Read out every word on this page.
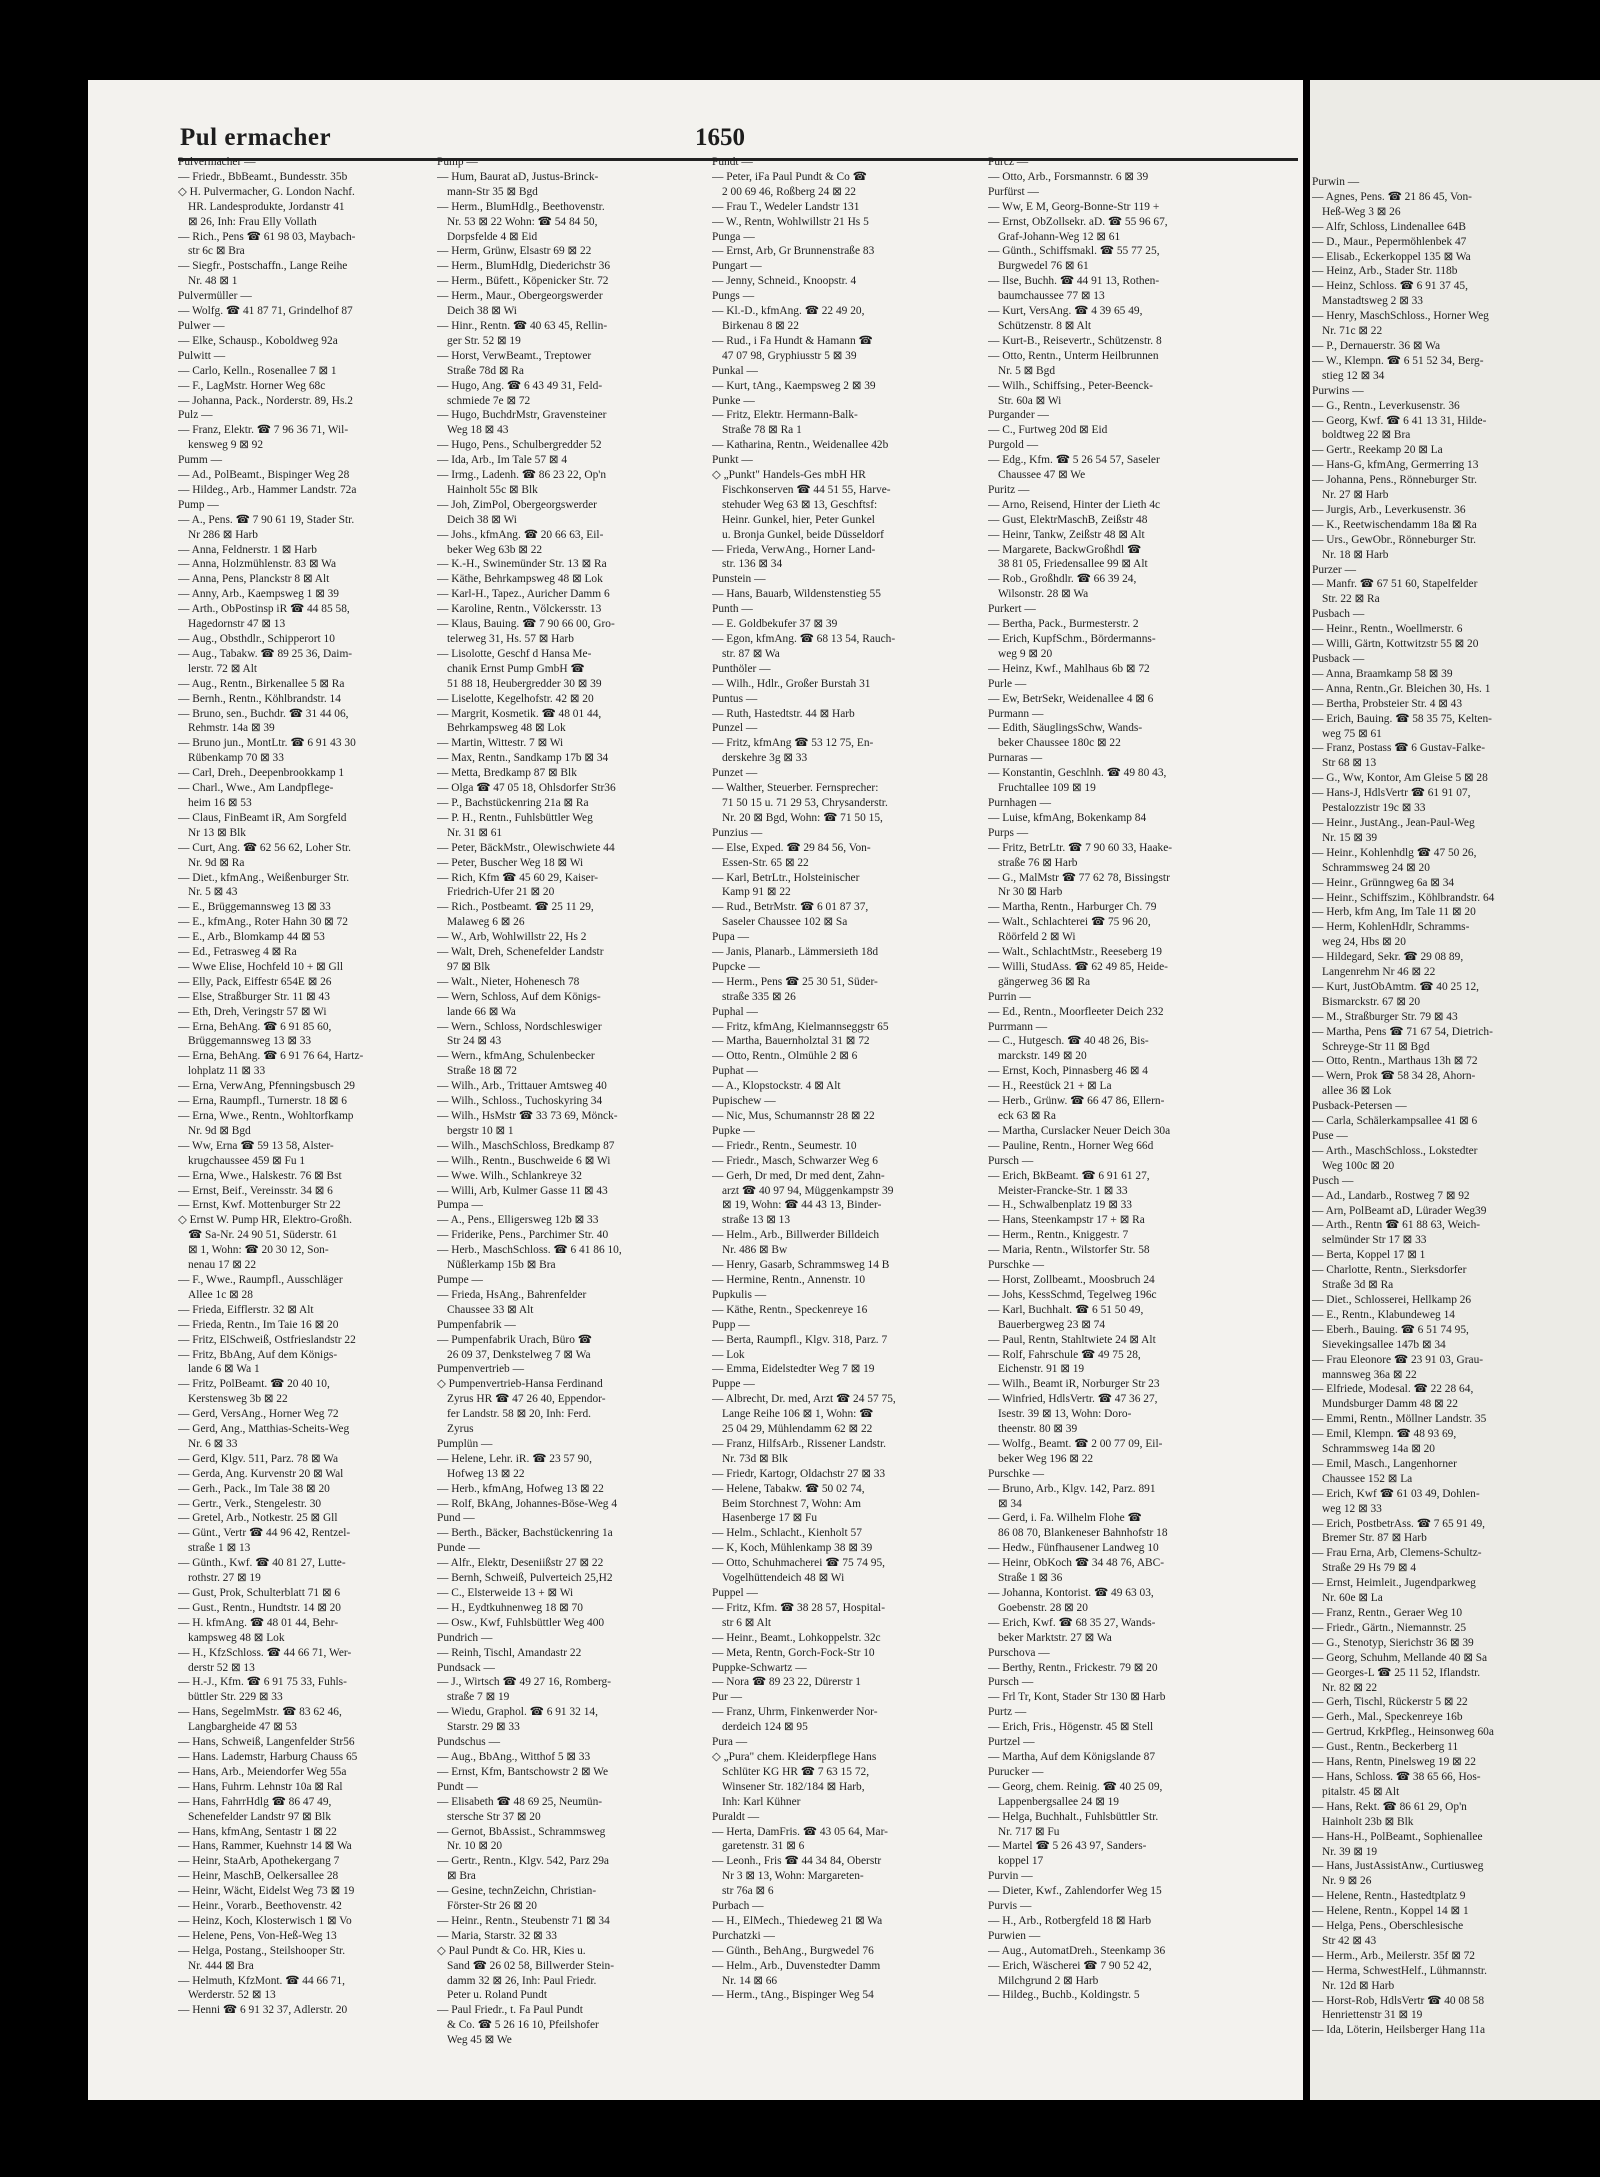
Pul ermacher	1650
Pulvermacher —
— Friedr., BbBeamt., Bundesstr. 35b
◇ H. Pulvermacher, G. London Nachf.
HR. Landesprodukte, Jordanstr 41
⊠ 26, Inh: Frau Elly Vollath
— Rich., Pens ☎ 61 98 03, Maybach-
str 6c ⊠ Bra
— Siegfr., Postschaffn., Lange Reihe
Nr. 48 ⊠ 1
Pulvermüller —
— Wolfg. ☎ 41 87 71, Grindelhof 87
Pulwer —
— Elke, Schausp., Koboldweg 92a
Pulwitt —
— Carlo, Kelln., Rosenallee 7 ⊠ 1
— F., LagMstr. Horner Weg 68c
— Johanna, Pack., Norderstr. 89, Hs.2
Pulz —
— Franz, Elektr. ☎ 7 96 36 71, Wil-
kensweg 9 ⊠ 92
Pumm —
— Ad., PolBeamt., Bispinger Weg 28
— Hildeg., Arb., Hammer Landstr. 72a
Pump —
— A., Pens. ☎ 7 90 61 19, Stader Str.
Nr 286 ⊠ Harb
— Anna, Feldnerstr. 1 ⊠ Harb
— Anna, Holzmühlenstr. 83 ⊠ Wa
— Anna, Pens, Planckstr 8 ⊠ Alt
— Anny, Arb., Kaempsweg 1 ⊠ 39
— Arth., ObPostinsp iR ☎ 44 85 58,
Hagedornstr 47 ⊠ 13
— Aug., Obsthdlr., Schipperort 10
— Aug., Tabakw. ☎ 89 25 36, Daim-
lerstr. 72 ⊠ Alt
— Aug., Rentn., Birkenallee 5 ⊠ Ra
— Bernh., Rentn., Köhlbrandstr. 14
— Bruno, sen., Buchdr. ☎ 31 44 06,
Rehmstr. 14a ⊠ 39
— Bruno jun., MontLtr. ☎ 6 91 43 30
Rübenkamp 70 ⊠ 33
— Carl, Dreh., Deepenbrookkamp 1
— Charl., Wwe., Am Landpflege-
heim 16 ⊠ 53
— Claus, FinBeamt iR, Am Sorgfeld
Nr 13 ⊠ Blk
— Curt, Ang. ☎ 62 56 62, Loher Str.
Nr. 9d ⊠ Ra
— Diet., kfmAng., Weißenburger Str.
Nr. 5 ⊠ 43
— E., Brüggemannsweg 13 ⊠ 33
— E., kfmAng., Roter Hahn 30 ⊠ 72
— E., Arb., Blomkamp 44 ⊠ 53
— Ed., Fetrasweg 4 ⊠ Ra
— Wwe Elise, Hochfeld 10 + ⊠ Gll
— Elly, Pack, Eiffestr 654E ⊠ 26
— Else, Straßburger Str. 11 ⊠ 43
— Eth, Dreh, Veringstr 57 ⊠ Wi
— Erna, BehAng. ☎ 6 91 85 60,
Brüggemannsweg 13 ⊠ 33
— Erna, BehAng. ☎ 6 91 76 64, Hartz-
lohplatz 11 ⊠ 33
— Erna, VerwAng, Pfenningsbusch 29
— Erna, Raumpfl., Turnerstr. 18 ⊠ 6
— Erna, Wwe., Rentn., Wohltorfkamp
Nr. 9d ⊠ Bgd
— Ww, Erna ☎ 59 13 58, Alster-
krugchaussee 459 ⊠ Fu 1
— Erna, Wwe., Halskestr. 76 ⊠ Bst
— Ernst, Beif., Vereinsstr. 34 ⊠ 6
— Ernst, Kwf. Mottenburger Str 22
◇ Ernst W. Pump HR, Elektro-Großh.
☎ Sa-Nr. 24 90 51, Süderstr. 61
⊠ 1, Wohn: ☎ 20 30 12, Son-
nenau 17 ⊠ 22
— F., Wwe., Raumpfl., Ausschläger
Allee 1c ⊠ 28
— Frieda, Eifflerstr. 32 ⊠ Alt
— Frieda, Rentn., Im Taie 16 ⊠ 20
— Fritz, ElSchweiß, Ostfrieslandstr 22
— Fritz, BbAng, Auf dem Königs-
lande 6 ⊠ Wa 1
— Fritz, PolBeamt. ☎ 20 40 10,
Kerstensweg 3b ⊠ 22
— Gerd, VersAng., Horner Weg 72
— Gerd, Ang., Matthias-Scheits-Weg
Nr. 6 ⊠ 33
— Gerd, Klgv. 511, Parz. 78 ⊠ Wa
— Gerda, Ang. Kurvenstr 20 ⊠ Wal
— Gerh., Pack., Im Tale 38 ⊠ 20
— Gertr., Verk., Stengelestr. 30
— Gretel, Arb., Notkestr. 25 ⊠ Gll
— Günt., Vertr ☎ 44 96 42, Rentzel-
straße 1 ⊠ 13
— Günth., Kwf. ☎ 40 81 27, Lutte-
rothstr. 27 ⊠ 19
— Gust, Prok, Schulterblatt 71 ⊠ 6
— Gust., Rentn., Hundtstr. 14 ⊠ 20
— H. kfmAng. ☎ 48 01 44, Behr-
kampsweg 48 ⊠ Lok
— H., KfzSchloss. ☎ 44 66 71, Wer-
derstr 52 ⊠ 13
— H.-J., Kfm. ☎ 6 91 75 33, Fuhls-
büttler Str. 229 ⊠ 33
— Hans, SegelmMstr. ☎ 83 62 46,
Langbargheide 47 ⊠ 53
— Hans, Schweiß, Langenfelder Str56
— Hans. Lademstr, Harburg Chauss 65
— Hans, Arb., Meiendorfer Weg 55a
— Hans, Fuhrm. Lehnstr 10a ⊠ Ral
— Hans, FahrrHdlg ☎ 86 47 49,
Schenefelder Landstr 97 ⊠ Blk
— Hans, kfmAng, Sentastr 1 ⊠ 22
— Hans, Rammer, Kuehnstr 14 ⊠ Wa
— Heinr, StaArb, Apothekergang 7
— Heinr, MaschB, Oelkersallee 28
— Heinr, Wächt, Eidelst Weg 73 ⊠ 19
— Heinr., Vorarb., Beethovenstr. 42
— Heinz, Koch, Klosterwisch 1 ⊠ Vo
— Helene, Pens, Von-Heß-Weg 13
— Helga, Postang., Steilshooper Str.
Nr. 444 ⊠ Bra
— Helmuth, KfzMont. ☎ 44 66 71,
Werderstr. 52 ⊠ 13
— Henni ☎ 6 91 32 37, Adlerstr. 20
Pump —
— Hum, Baurat aD, Justus-Brinck-
mann-Str 35 ⊠ Bgd
— Herm., BlumHdlg., Beethovenstr.
Nr. 53 ⊠ 22 Wohn: ☎ 54 84 50,
Dorpsfelde 4 ⊠ Eid
— Herm, Grünw, Elsastr 69 ⊠ 22
— Herm., BlumHdlg, Diederichstr 36
— Herm., Büfett., Köpenicker Str. 72
— Herm., Maur., Obergeorgswerder
Deich 38 ⊠ Wi
— Hinr., Rentn. ☎ 40 63 45, Rellin-
ger Str. 52 ⊠ 19
— Horst, VerwBeamt., Treptower
Straße 78d ⊠ Ra
— Hugo, Ang. ☎ 6 43 49 31, Feld-
schmiede 7e ⊠ 72
— Hugo, BuchdrMstr, Gravensteiner
Weg 18 ⊠ 43
— Hugo, Pens., Schulbergredder 52
— Ida, Arb., Im Tale 57 ⊠ 4
— Irmg., Ladenh. ☎ 86 23 22, Op'n
Hainholt 55c ⊠ Blk
— Joh, ZimPol, Obergeorgswerder
Deich 38 ⊠ Wi
— Johs., kfmAng. ☎ 20 66 63, Eil-
beker Weg 63b ⊠ 22
— K.-H., Swinemünder Str. 13 ⊠ Ra
— Käthe, Behrkampsweg 48 ⊠ Lok
— Karl-H., Tapez., Auricher Damm 6
— Karoline, Rentn., Völckersstr. 13
— Klaus, Bauing. ☎ 7 90 66 00, Gro-
telerweg 31, Hs. 57 ⊠ Harb
— Lisolotte, Geschf d Hansa Me-
chanik Ernst Pump GmbH ☎
51 88 18, Heubergredder 30 ⊠ 39
— Liselotte, Kegelhofstr. 42 ⊠ 20
— Margrit, Kosmetik. ☎ 48 01 44,
Behrkampsweg 48 ⊠ Lok
— Martin, Wittestr. 7 ⊠ Wi
— Max, Rentn., Sandkamp 17b ⊠ 34
— Metta, Bredkamp 87 ⊠ Blk
— Olga ☎ 47 05 18, Ohlsdorfer Str36
— P., Bachstückenring 21a ⊠ Ra
— P. H., Rentn., Fuhlsbüttler Weg
Nr. 31 ⊠ 61
— Peter, BäckMstr., Olewischwiete 44
— Peter, Buscher Weg 18 ⊠ Wi
— Rich, Kfm ☎ 45 60 29, Kaiser-
Friedrich-Ufer 21 ⊠ 20
— Rich., Postbeamt. ☎ 25 11 29,
Malaweg 6 ⊠ 26
— W., Arb, Wohlwillstr 22, Hs 2
— Walt, Dreh, Schenefelder Landstr
97 ⊠ Blk
— Walt., Nieter, Hohenesch 78
— Wern, Schloss, Auf dem Königs-
lande 66 ⊠ Wa
— Wern., Schloss, Nordschleswiger
Str 24 ⊠ 43
— Wern., kfmAng, Schulenbecker
Straße 18 ⊠ 72
— Wilh., Arb., Trittauer Amtsweg 40
— Wilh., Schloss., Tuchoskyring 34
— Wilh., HsMstr ☎ 33 73 69, Mönck-
bergstr 10 ⊠ 1
— Wilh., MaschSchloss, Bredkamp 87
— Wilh., Rentn., Buschweide 6 ⊠ Wi
— Wwe. Wilh., Schlankreye 32
— Willi, Arb, Kulmer Gasse 11 ⊠ 43
Pumpa —
— A., Pens., Elligersweg 12b ⊠ 33
— Friderike, Pens., Parchimer Str. 40
— Herb., MaschSchloss. ☎ 6 41 86 10,
Nüßlerkamp 15b ⊠ Bra
Pumpe —
— Frieda, HsAng., Bahrenfelder
Chaussee 33 ⊠ Alt
Pumpenfabrik —
— Pumpenfabrik Urach, Büro ☎
26 09 37, Denkstelweg 7 ⊠ Wa
Pumpenvertrieb —
◇ Pumpenvertrieb-Hansa Ferdinand
Zyrus HR ☎ 47 26 40, Eppendor-
fer Landstr. 58 ⊠ 20, Inh: Ferd.
Zyrus
Pumplün —
— Helene, Lehr. iR. ☎ 23 57 90,
Hofweg 13 ⊠ 22
— Herb., kfmAng, Hofweg 13 ⊠ 22
— Rolf, BkAng, Johannes-Böse-Weg 4
Pund —
— Berth., Bäcker, Bachstückenring 1a
Punde —
— Alfr., Elektr, Deseniißstr 27 ⊠ 22
— Bernh, Schweiß, Pulverteich 25,H2
— C., Elsterweide 13 + ⊠ Wi
— H., Eydtkuhnenweg 18 ⊠ 70
— Osw., Kwf, Fuhlsbüttler Weg 400
Pundrich —
— Reinh, Tischl, Amandastr 22
Pundsack —
— J., Wirtsch ☎ 49 27 16, Romberg-
straße 7 ⊠ 19
— Wiedu, Graphol. ☎ 6 91 32 14,
Starstr. 29 ⊠ 33
Pundschus —
— Aug., BbAng., Witthof 5 ⊠ 33
— Ernst, Kfm, Bantschowstr 2 ⊠ We
Pundt —
— Elisabeth ☎ 48 69 25, Neumün-
stersche Str 37 ⊠ 20
— Gernot, BbAssist., Schrammsweg
Nr. 10 ⊠ 20
— Gertr., Rentn., Klgv. 542, Parz 29a
⊠ Bra
— Gesine, technZeichn, Christian-
Förster-Str 26 ⊠ 20
— Heinr., Rentn., Steubenstr 71 ⊠ 34
— Maria, Starstr. 32 ⊠ 33
◇ Paul Pundt & Co. HR, Kies u.
Sand ☎ 26 02 58, Billwerder Stein-
damm 32 ⊠ 26, Inh: Paul Friedr.
Peter u. Roland Pundt
— Paul Friedr., t. Fa Paul Pundt
& Co. ☎ 5 26 16 10, Pfeilshofer
Weg 45 ⊠ We
Pundt —
— Peter, iFa Paul Pundt & Co ☎
2 00 69 46, Roßberg 24 ⊠ 22
— Frau T., Wedeler Landstr 131
— W., Rentn, Wohlwillstr 21 Hs 5
Punga —
— Ernst, Arb, Gr Brunnenstraße 83
Pungart —
— Jenny, Schneid., Knoopstr. 4
Pungs —
— Kl.-D., kfmAng. ☎ 22 49 20,
Birkenau 8 ⊠ 22
— Rud., i Fa Hundt & Hamann ☎
47 07 98, Gryphiusstr 5 ⊠ 39
Punkal —
— Kurt, tAng., Kaempsweg 2 ⊠ 39
Punke —
— Fritz, Elektr. Hermann-Balk-
Straße 78 ⊠ Ra 1
— Katharina, Rentn., Weidenallee 42b
Punkt —
◇ „Punkt" Handels-Ges mbH HR
Fischkonserven ☎ 44 51 55, Harve-
stehuder Weg 63 ⊠ 13, Geschftsf:
Heinr. Gunkel, hier, Peter Gunkel
u. Bronja Gunkel, beide Düsseldorf
— Frieda, VerwAng., Horner Land-
str. 136 ⊠ 34
Punstein —
— Hans, Bauarb, Wildenstenstieg 55
Punth —
— E. Goldbekufer 37 ⊠ 39
— Egon, kfmAng. ☎ 68 13 54, Rauch-
str. 87 ⊠ Wa
Punthöler —
— Wilh., Hdlr., Großer Burstah 31
Puntus —
— Ruth, Hastedtstr. 44 ⊠ Harb
Punzel —
— Fritz, kfmAng ☎ 53 12 75, En-
derskehre 3g ⊠ 33
Punzet —
— Walther, Steuerber. Fernsprecher:
71 50 15 u. 71 29 53, Chrysanderstr.
Nr. 20 ⊠ Bgd, Wohn: ☎ 71 50 15,
Punzius —
— Else, Exped. ☎ 29 84 56, Von-
Essen-Str. 65 ⊠ 22
— Karl, BetrLtr., Holsteinischer
Kamp 91 ⊠ 22
— Rud., BetrMstr. ☎ 6 01 87 37,
Saseler Chaussee 102 ⊠ Sa
Pupa —
— Janis, Planarb., Lämmersieth 18d
Pupcke —
— Herm., Pens ☎ 25 30 51, Süder-
straße 335 ⊠ 26
Puphal —
— Fritz, kfmAng, Kielmannseggstr 65
— Martha, Bauernholztal 31 ⊠ 72
— Otto, Rentn., Olmühle 2 ⊠ 6
Puphat —
— A., Klopstockstr. 4 ⊠ Alt
Pupischew —
— Nic, Mus, Schumannstr 28 ⊠ 22
Pupke —
— Friedr., Rentn., Seumestr. 10
— Friedr., Masch, Schwarzer Weg 6
— Gerh, Dr med, Dr med dent, Zahn-
arzt ☎ 40 97 94, Müggenkampstr 39
⊠ 19, Wohn: ☎ 44 43 13, Binder-
straße 13 ⊠ 13
— Helm., Arb., Billwerder Billdeich
Nr. 486 ⊠ Bw
— Henry, Gasarb, Schrammsweg 14 B
— Hermine, Rentn., Annenstr. 10
Pupkulis —
— Käthe, Rentn., Speckenreye 16
Pupp —
— Berta, Raumpfl., Klgv. 318, Parz. 7
— Lok
— Emma, Eidelstedter Weg 7 ⊠ 19
Puppe —
— Albrecht, Dr. med, Arzt ☎ 24 57 75,
Lange Reihe 106 ⊠ 1, Wohn: ☎
25 04 29, Mühlendamm 62 ⊠ 22
— Franz, HilfsArb., Rissener Landstr.
Nr. 73d ⊠ Blk
— Friedr, Kartogr, Oldachstr 27 ⊠ 33
— Helene, Tabakw. ☎ 50 02 74,
Beim Storchnest 7, Wohn: Am
Hasenberge 17 ⊠ Fu
— Helm., Schlacht., Kienholt 57
— K, Koch, Mühlenkamp 38 ⊠ 39
— Otto, Schuhmacherei ☎ 75 74 95,
Vogelhüttendeich 48 ⊠ Wi
Puppel —
— Fritz, Kfm. ☎ 38 28 57, Hospital-
str 6 ⊠ Alt
— Heinr., Beamt., Lohkoppelstr. 32c
— Meta, Rentn, Gorch-Fock-Str 10
Puppke-Schwartz —
— Nora ☎ 89 23 22, Dürerstr 1
Pur —
— Franz, Uhrm, Finkenwerder Nor-
derdeich 124 ⊠ 95
Pura —
◇ „Pura" chem. Kleiderpflege Hans
Schlüter KG HR ☎ 7 63 15 72,
Winsener Str. 182/184 ⊠ Harb,
Inh: Karl Kühner
Puraldt —
— Herta, DamFris. ☎ 43 05 64, Mar-
garetenstr. 31 ⊠ 6
— Leonh., Fris ☎ 44 34 84, Oberstr
Nr 3 ⊠ 13, Wohn: Margareten-
str 76a ⊠ 6
Purbach —
— H., ElMech., Thiedeweg 21 ⊠ Wa
Purchatzki —
— Günth., BehAng., Burgwedel 76
— Helm., Arb., Duvenstedter Damm
Nr. 14 ⊠ 66
— Herm., tAng., Bispinger Weg 54
Purcz —
— Otto, Arb., Forsmannstr. 6 ⊠ 39
Purfürst —
— Ww, E M, Georg-Bonne-Str 119 +
— Ernst, ObZollsekr. aD. ☎ 55 96 67,
Graf-Johann-Weg 12 ⊠ 61
— Günth., Schiffsmakl. ☎ 55 77 25,
Burgwedel 76 ⊠ 61
— Ilse, Buchh. ☎ 44 91 13, Rothen-
baumchaussee 77 ⊠ 13
— Kurt, VersAng. ☎ 4 39 65 49,
Schützenstr. 8 ⊠ Alt
— Kurt-B., Reisevertr., Schützenstr. 8
— Otto, Rentn., Unterm Heilbrunnen
Nr. 5 ⊠ Bgd
— Wilh., Schiffsing., Peter-Beenck-
Str. 60a ⊠ Wi
Purgander —
— C., Furtweg 20d ⊠ Eid
Purgold —
— Edg., Kfm. ☎ 5 26 54 57, Saseler
Chaussee 47 ⊠ We
Puritz —
— Arno, Reisend, Hinter der Lieth 4c
— Gust, ElektrMaschB, Zeißstr 48
— Heinr, Tankw, Zeißstr 48 ⊠ Alt
— Margarete, BackwGroßhdl ☎
38 81 05, Friedensallee 99 ⊠ Alt
— Rob., Großhdlr. ☎ 66 39 24,
Wilsonstr. 28 ⊠ Wa
Purkert —
— Bertha, Pack., Burmesterstr. 2
— Erich, KupfSchm., Bördermanns-
weg 9 ⊠ 20
— Heinz, Kwf., Mahlhaus 6b ⊠ 72
Purle —
— Ew, BetrSekr, Weidenallee 4 ⊠ 6
Purmann —
— Edith, SäuglingsSchw, Wands-
beker Chaussee 180c ⊠ 22
Purnaras —
— Konstantin, Geschlnh. ☎ 49 80 43,
Fruchtallee 109 ⊠ 19
Purnhagen —
— Luise, kfmAng, Bokenkamp 84
Purps —
— Fritz, BetrLtr. ☎ 7 90 60 33, Haake-
straße 76 ⊠ Harb
— G., MalMstr ☎ 77 62 78, Bissingstr
Nr 30 ⊠ Harb
— Martha, Rentn., Harburger Ch. 79
— Walt., Schlachterei ☎ 75 96 20,
Röörfeld 2 ⊠ Wi
— Walt., SchlachtMstr., Reeseberg 19
— Willi, StudAss. ☎ 62 49 85, Heide-
gängerweg 36 ⊠ Ra
Purrin —
— Ed., Rentn., Moorfleeter Deich 232
Purrmann —
— C., Hutgesch. ☎ 40 48 26, Bis-
marckstr. 149 ⊠ 20
— Ernst, Koch, Pinnasberg 46 ⊠ 4
— H., Reestück 21 + ⊠ La
— Herb., Grünw. ☎ 66 47 86, Ellern-
eck 63 ⊠ Ra
— Martha, Curslacker Neuer Deich 30a
— Pauline, Rentn., Horner Weg 66d
Pursch —
— Erich, BkBeamt. ☎ 6 91 61 27,
Meister-Francke-Str. 1 ⊠ 33
— H., Schwalbenplatz 19 ⊠ 33
— Hans, Steenkampstr 17 + ⊠ Ra
— Herm., Rentn., Kniggestr. 7
— Maria, Rentn., Wilstorfer Str. 58
Purschke —
— Horst, Zollbeamt., Moosbruch 24
— Johs, KessSchmd, Tegelweg 196c
— Karl, Buchhalt. ☎ 6 51 50 49,
Bauerbergweg 23 ⊠ 74
— Paul, Rentn, Stahltwiete 24 ⊠ Alt
— Rolf, Fahrschule ☎ 49 75 28,
Eichenstr. 91 ⊠ 19
— Wilh., Beamt iR, Norburger Str 23
— Winfried, HdlsVertr. ☎ 47 36 27,
Isestr. 39 ⊠ 13, Wohn: Doro-
theenstr. 80 ⊠ 39
— Wolfg., Beamt. ☎ 2 00 77 09, Eil-
beker Weg 196 ⊠ 22
Purschke —
— Bruno, Arb., Klgv. 142, Parz. 891
⊠ 34
— Gerd, i. Fa. Wilhelm Flohe ☎
86 08 70, Blankeneser Bahnhofstr 18
— Hedw., Fünfhausener Landweg 10
— Heinr, ObKoch ☎ 34 48 76, ABC-
Straße 1 ⊠ 36
— Johanna, Kontorist. ☎ 49 63 03,
Goebenstr. 28 ⊠ 20
— Erich, Kwf. ☎ 68 35 27, Wands-
beker Marktstr. 27 ⊠ Wa
Purschova —
— Berthy, Rentn., Frickestr. 79 ⊠ 20
Pursch —
— Frl Tr, Kont, Stader Str 130 ⊠ Harb
Purtz —
— Erich, Fris., Högenstr. 45 ⊠ Stell
Purtzel —
— Martha, Auf dem Königslande 87
Purucker —
— Georg, chem. Reinig. ☎ 40 25 09,
Lappenbergsallee 24 ⊠ 19
— Helga, Buchhalt., Fuhlsbüttler Str.
Nr. 717 ⊠ Fu
— Martel ☎ 5 26 43 97, Sanders-
koppel 17
Purvin —
— Dieter, Kwf., Zahlendorfer Weg 15
Purvis —
— H., Arb., Rotbergfeld 18 ⊠ Harb
Purwien —
— Aug., AutomatDreh., Steenkamp 36
— Erich, Wäscherei ☎ 7 90 52 42,
Milchgrund 2 ⊠ Harb
— Hildeg., Buchb., Koldingstr. 5
Purwin —
— Agnes, Pens. ☎ 21 86 45, Von-
Heß-Weg 3 ⊠ 26
— Alfr, Schloss, Lindenallee 64B
— D., Maur., Pepermöhlenbek 47
— Elisab., Eckerkoppel 135 ⊠ Wa
— Heinz, Arb., Stader Str. 118b
— Heinz, Schloss. ☎ 6 91 37 45,
Manstadtsweg 2 ⊠ 33
— Henry, MaschSchloss., Horner Weg
Nr. 71c ⊠ 22
— P., Dernauerstr. 36 ⊠ Wa
— W., Klempn. ☎ 6 51 52 34, Berg-
stieg 12 ⊠ 34
Purwins —
— G., Rentn., Leverkusenstr. 36
— Georg, Kwf. ☎ 6 41 13 31, Hilde-
boldtweg 22 ⊠ Bra
— Gertr., Reekamp 20 ⊠ La
— Hans-G, kfmAng, Germerring 13
— Johanna, Pens., Rönneburger Str.
Nr. 27 ⊠ Harb
— Jurgis, Arb., Leverkusenstr. 36
— K., Reetwischendamm 18a ⊠ Ra
— Urs., GewObr., Rönneburger Str.
Nr. 18 ⊠ Harb
Purzer —
— Manfr. ☎ 67 51 60, Stapelfelder
Str. 22 ⊠ Ra
Pusbach —
— Heinr., Rentn., Woellmerstr. 6
— Willi, Gärtn, Kottwitzstr 55 ⊠ 20
Pusback —
— Anna, Braamkamp 58 ⊠ 39
— Anna, Rentn.,Gr. Bleichen 30, Hs. 1
— Bertha, Probsteier Str. 4 ⊠ 43
— Erich, Bauing. ☎ 58 35 75, Kelten-
weg 75 ⊠ 61
— Franz, Postass ☎ 6 Gustav-Falke-
Str 68 ⊠ 13
— G., Ww, Kontor, Am Gleise 5 ⊠ 28
— Hans-J, HdlsVertr ☎ 61 91 07,
Pestalozzistr 19c ⊠ 33
— Heinr., JustAng., Jean-Paul-Weg
Nr. 15 ⊠ 39
— Heinr., Kohlenhdlg ☎ 47 50 26,
Schrammsweg 24 ⊠ 20
— Heinr., Grünngweg 6a ⊠ 34
— Heinr., Schiffszim., Köhlbrandstr. 64
— Herb, kfm Ang, Im Tale 11 ⊠ 20
— Herm, KohlenHdlr, Schramms-
weg 24, Hbs ⊠ 20
— Hildegard, Sekr. ☎ 29 08 89,
Langenrehm Nr 46 ⊠ 22
— Kurt, JustObAmtm. ☎ 40 25 12,
Bismarckstr. 67 ⊠ 20
— M., Straßburger Str. 79 ⊠ 43
— Martha, Pens ☎ 71 67 54, Dietrich-
Schreyge-Str 11 ⊠ Bgd
— Otto, Rentn., Marthaus 13h ⊠ 72
— Wern, Prok ☎ 58 34 28, Ahorn-
allee 36 ⊠ Lok
Pusback-Petersen —
— Carla, Schälerkampsallee 41 ⊠ 6
Puse —
— Arth., MaschSchloss., Lokstedter
Weg 100c ⊠ 20
Pusch —
— Ad., Landarb., Rostweg 7 ⊠ 92
— Arn, PolBeamt aD, Lürader Weg39
— Arth., Rentn ☎ 61 88 63, Weich-
selmünder Str 17 ⊠ 33
— Berta, Koppel 17 ⊠ 1
— Charlotte, Rentn., Sierksdorfer
Straße 3d ⊠ Ra
— Diet., Schlosserei, Hellkamp 26
— E., Rentn., Klabundeweg 14
— Eberh., Bauing. ☎ 6 51 74 95,
Sievekingsallee 147b ⊠ 34
— Frau Eleonore ☎ 23 91 03, Grau-
mannsweg 36a ⊠ 22
— Elfriede, Modesal. ☎ 22 28 64,
Mundsburger Damm 48 ⊠ 22
— Emmi, Rentn., Möllner Landstr. 35
— Emil, Klempn. ☎ 48 93 69,
Schrammsweg 14a ⊠ 20
— Emil, Masch., Langenhorner
Chaussee 152 ⊠ La
— Erich, Kwf ☎ 61 03 49, Dohlen-
weg 12 ⊠ 33
— Erich, PostbetrAss. ☎ 7 65 91 49,
Bremer Str. 87 ⊠ Harb
— Frau Erna, Arb, Clemens-Schultz-
Straße 29 Hs 79 ⊠ 4
— Ernst, Heimleit., Jugendparkweg
Nr. 60e ⊠ La
— Franz, Rentn., Geraer Weg 10
— Friedr., Gärtn., Niemannstr. 25
— G., Stenotyp, Sierichstr 36 ⊠ 39
— Georg, Schuhm, Mellande 40 ⊠ Sa
— Georges-L ☎ 25 11 52, Iflandstr.
Nr. 82 ⊠ 22
— Gerh, Tischl, Rückerstr 5 ⊠ 22
— Gerh., Mal., Speckenreye 16b
— Gertrud, KrkPfleg., Heinsonweg 60a
— Gust., Rentn., Beckerberg 11
— Hans, Rentn, Pinelsweg 19 ⊠ 22
— Hans, Schloss. ☎ 38 65 66, Hos-
pitalstr. 45 ⊠ Alt
— Hans, Rekt. ☎ 86 61 29, Op'n
Hainholt 23b ⊠ Blk
— Hans-H., PolBeamt., Sophienallee
Nr. 39 ⊠ 19
— Hans, JustAssistAnw., Curtiusweg
Nr. 9 ⊠ 26
— Helene, Rentn., Hastedtplatz 9
— Helene, Rentn., Koppel 14 ⊠ 1
— Helga, Pens., Oberschlesische
Str 42 ⊠ 43
— Herm., Arb., Meilerstr. 35f ⊠ 72
— Herma, SchwestHelf., Lühmannstr.
Nr. 12d ⊠ Harb
— Horst-Rob, HdlsVertr ☎ 40 08 58
Henriettenstr 31 ⊠ 19
— Ida, Löterin, Heilsberger Hang 11a
